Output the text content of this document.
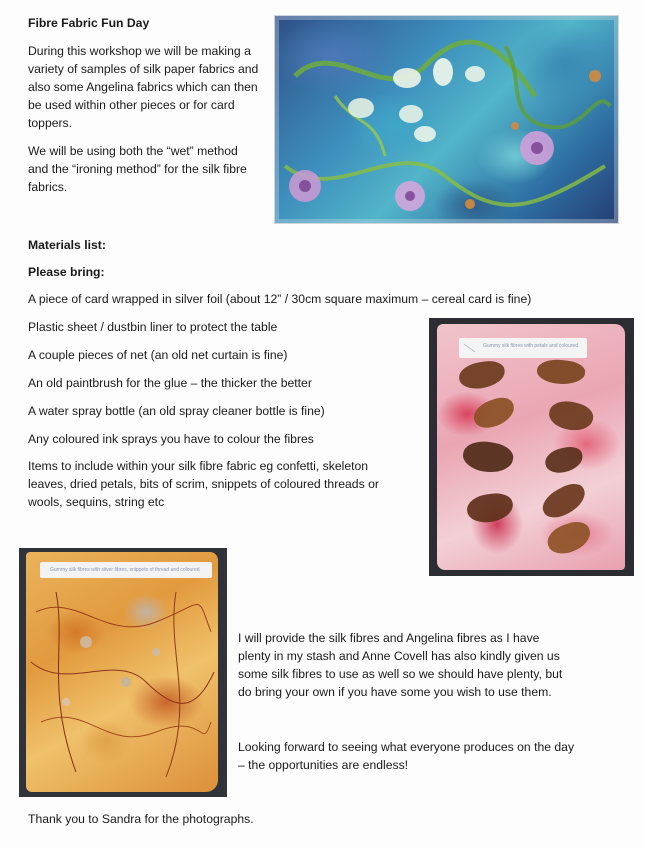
Fibre Fabric Fun Day

During this workshop we will be making a

variety of samples of silk paper fabrics and

also some Angelina fabrics which can then

be used within other pieces or for card

toppers.

We will be using both the “wet” method

and the “ironing method” for the silk fibre

fabrics.

Materials list:

Please bring:

A piece of card wrapped in silver foil (about 12” / 30cm square maximum – cereal card is fine)

Plastic sheet / dustbin liner to protect the table

A couple pieces of net (an old net curtain is fine)

An old paintbrush for the glue – the thicker the better

A water spray bottle (an old spray cleaner bottle is fine)

Any coloured ink sprays you have to colour the fibres

Items to include within your silk fibre fabric eg confetti, skeleton

leaves, dried petals, bits of scrim, snippets of coloured threads or

wools, sequins, string etc

Gummy silk fibres with petals and coloured
Gummy silk fibres with silver fibres, snippets of thread and coloured

I will provide the silk fibres and Angelina fibres as I have

plenty in my stash and Anne Covell has also kindly given us

some silk fibres to use as well so we should have plenty, but

do bring your own if you have some you wish to use them.

Looking forward to seeing what everyone produces on the day

– the opportunities are endless!

Thank you to Sandra for the photographs.
